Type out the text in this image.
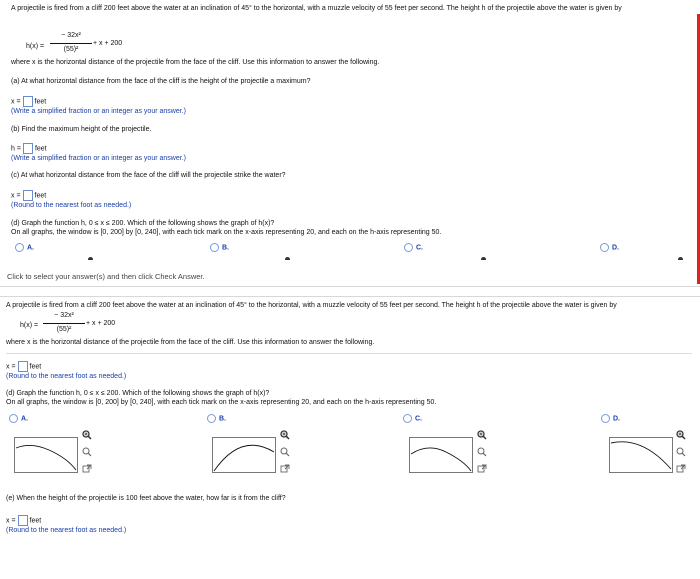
A projectile is fired from a cliff 200 feet above the water at an inclination of 45° to the horizontal, with a muzzle velocity of 55 feet per second. The height h of the projectile above the water is given by
h(x) =
− 32x²
(55)²
+ x + 200
where x is the horizontal distance of the projectile from the face of the cliff. Use this information to answer the following.
(a) At what horizontal distance from the face of the cliff is the height of the projectile a maximum?
x = feet
(Write a simplified fraction or an integer as your answer.)
(b) Find the maximum height of the projectile.
h = feet
(Write a simplified fraction or an integer as your answer.)
(c) At what horizontal distance from the face of the cliff will the projectile strike the water?
x = feet
(Round to the nearest foot as needed.)
(d) Graph the function h, 0 ≤ x ≤ 200. Which of the following shows the graph of h(x)?
On all graphs, the window is [0, 200] by [0, 240], with each tick mark on the x-axis representing 20, and each on the h-axis representing 50.
A.	B.	C.	D.
Click to select your answer(s) and then click Check Answer.
A projectile is fired from a cliff 200 feet above the water at an inclination of 45° to the horizontal, with a muzzle velocity of 55 feet per second. The height h of the projectile above the water is given by
h(x) =
− 32x²
(55)²
+ x + 200
where x is the horizontal distance of the projectile from the face of the cliff. Use this information to answer the following.
x = feet
(Round to the nearest foot as needed.)
(d) Graph the function h, 0 ≤ x ≤ 200. Which of the following shows the graph of h(x)?
On all graphs, the window is [0, 200] by [0, 240], with each tick mark on the x-axis representing 20, and each on the h-axis representing 50.
A.	B.	C.	D.
(e) When the height of the projectile is 100 feet above the water, how far is it from the cliff?
x = feet
(Round to the nearest foot as needed.)
